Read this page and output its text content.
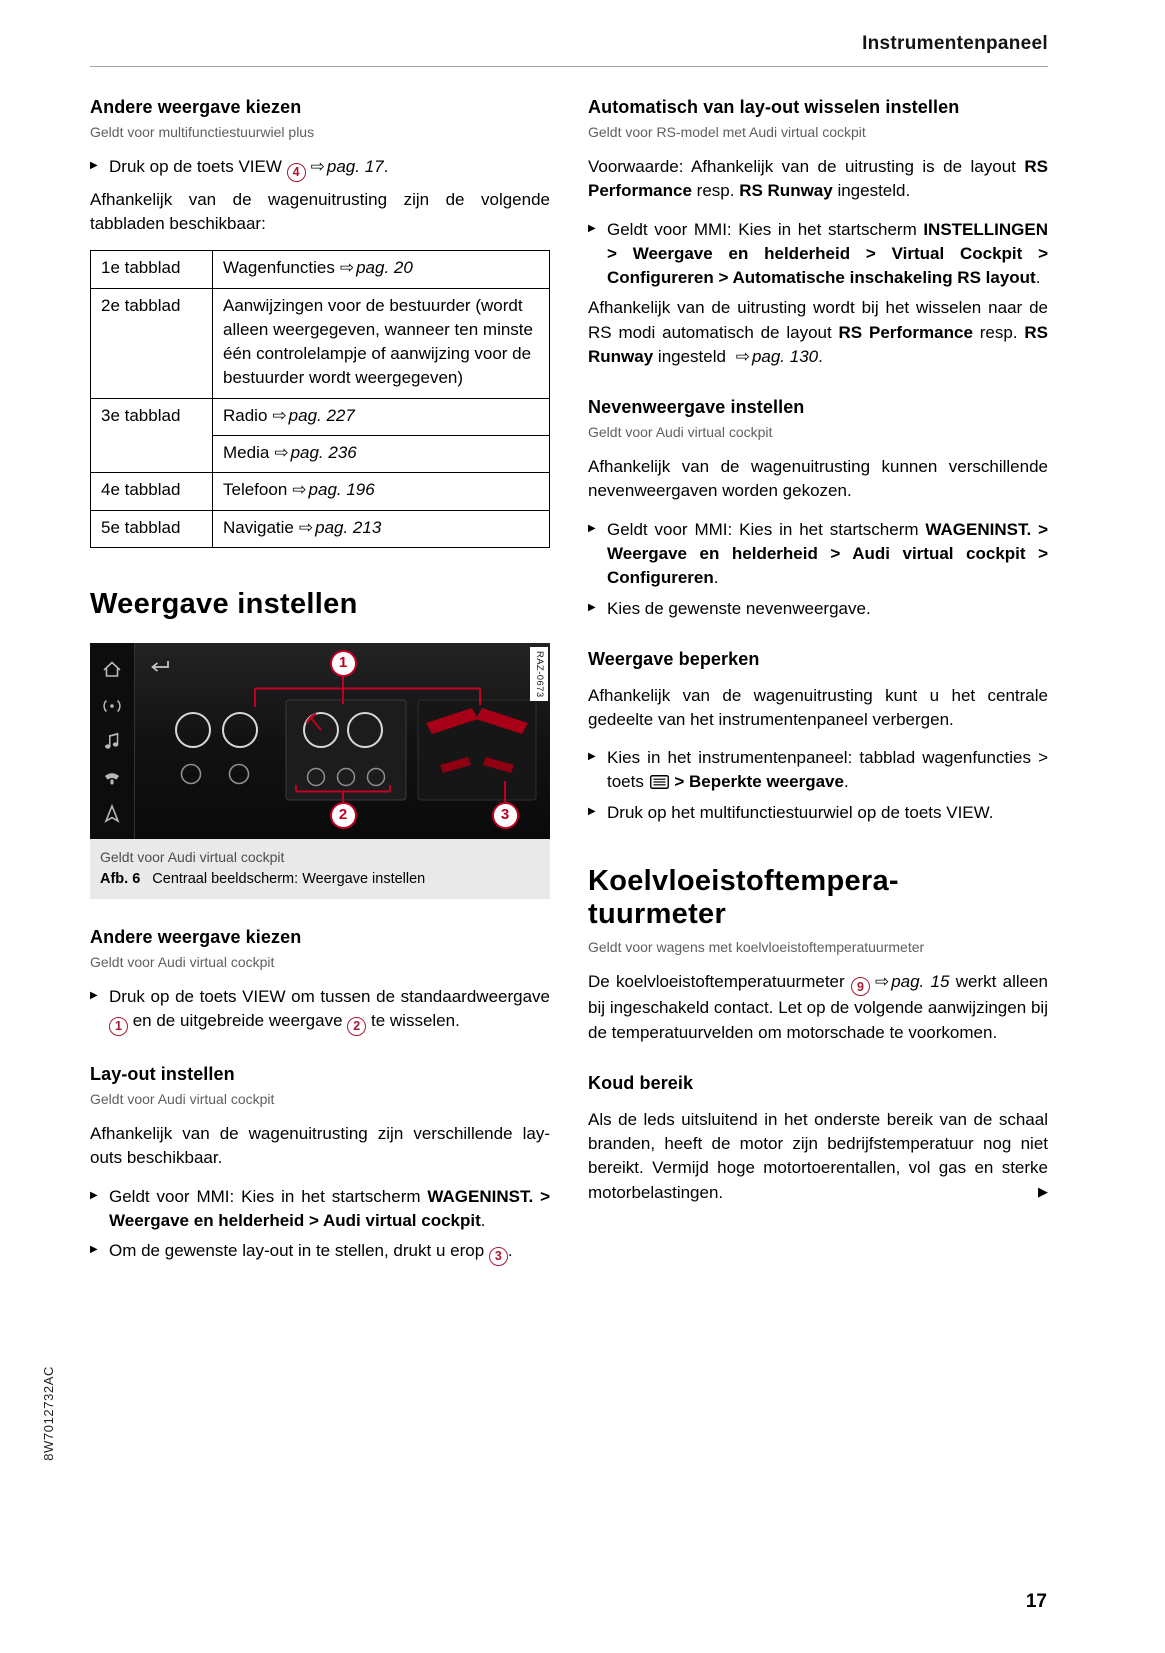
Instrumentenpaneel
Andere weergave kiezen
Geldt voor multifunctiestuurwiel plus
▶ Druk op de toets VIEW 4 ⇨ pag. 17.

Afhankelijk van de wagenuitrusting zijn de volgende tabbladen beschikbaar:

1e tabblad	Wagenfuncties ⇨ pag. 20
2e tabblad	Aanwijzingen voor de bestuurder (wordt alleen weergegeven, wanneer ten minste één controlelampje of aanwijzing voor de bestuurder wordt weergegeven)
3e tabblad	Radio ⇨ pag. 227
	Media ⇨ pag. 236
4e tabblad	Telefoon ⇨ pag. 196
5e tabblad	Navigatie ⇨ pag. 213
Weergave instellen
1
2	3
RAZ-0673
Geldt voor Audi virtual cockpit
Afb. 6 Centraal beeldscherm: Weergave instellen
Andere weergave kiezen
Geldt voor Audi virtual cockpit
▶ Druk op de toets VIEW om tussen de standaardweergave 1 en de uitgebreide weergave 2 te wisselen.
Lay-out instellen
Geldt voor Audi virtual cockpit

Afhankelijk van de wagenuitrusting zijn verschillende lay-outs beschikbaar.

▶ Geldt voor MMI: Kies in het startscherm WAGENINST. > Weergave en helderheid > Audi virtual cockpit.
▶ Om de gewenste lay-out in te stellen, drukt u erop 3 .
Automatisch van lay-out wisselen instellen
Geldt voor RS-model met Audi virtual cockpit

Voorwaarde: Afhankelijk van de uitrusting is de layout RS Performance resp. RS Runway ingesteld.

▶ Geldt voor MMI: Kies in het startscherm INSTELLINGEN > Weergave en helderheid > Virtual Cockpit > Configureren > Automatische inschakeling RS layout.

Afhankelijk van de uitrusting wordt bij het wisselen naar de RS modi automatisch de layout RS Performance resp. RS Runway ingesteld ⇨ pag. 130.

Nevenweergave instellen
Geldt voor Audi virtual cockpit

Afhankelijk van de wagenuitrusting kunnen verschillende nevenweergaven worden gekozen.

▶ Geldt voor MMI: Kies in het startscherm WAGENINST. > Weergave en helderheid > Audi virtual cockpit > Configureren.
▶ Kies de gewenste nevenweergave.
Weergave beperken

Afhankelijk van de wagenuitrusting kunt u het centrale gedeelte van het instrumentenpaneel verbergen.

▶ Kies in het instrumentenpaneel: tabblad wagenfuncties > toets  > Beperkte weergave.
▶ Druk op het multifunctiestuurwiel op de toets VIEW.
Koelvloeistoftempera-
tuurmeter
Geldt voor wagens met koelvloeistoftemperatuurmeter

De koelvloeistoftemperatuurmeter 9 ⇨ pag. 15 werkt alleen bij ingeschakeld contact. Let op de volgende aanwijzingen bij de temperatuurvelden om motorschade te voorkomen.

Koud bereik

Als de leds uitsluitend in het onderste bereik van de schaal branden, heeft de motor zijn bedrijfstemperatuur nog niet bereikt. Vermijd hoge motortoerentallen, vol gas en sterke motorbelastingen.	▶

8W7012732AC
17
